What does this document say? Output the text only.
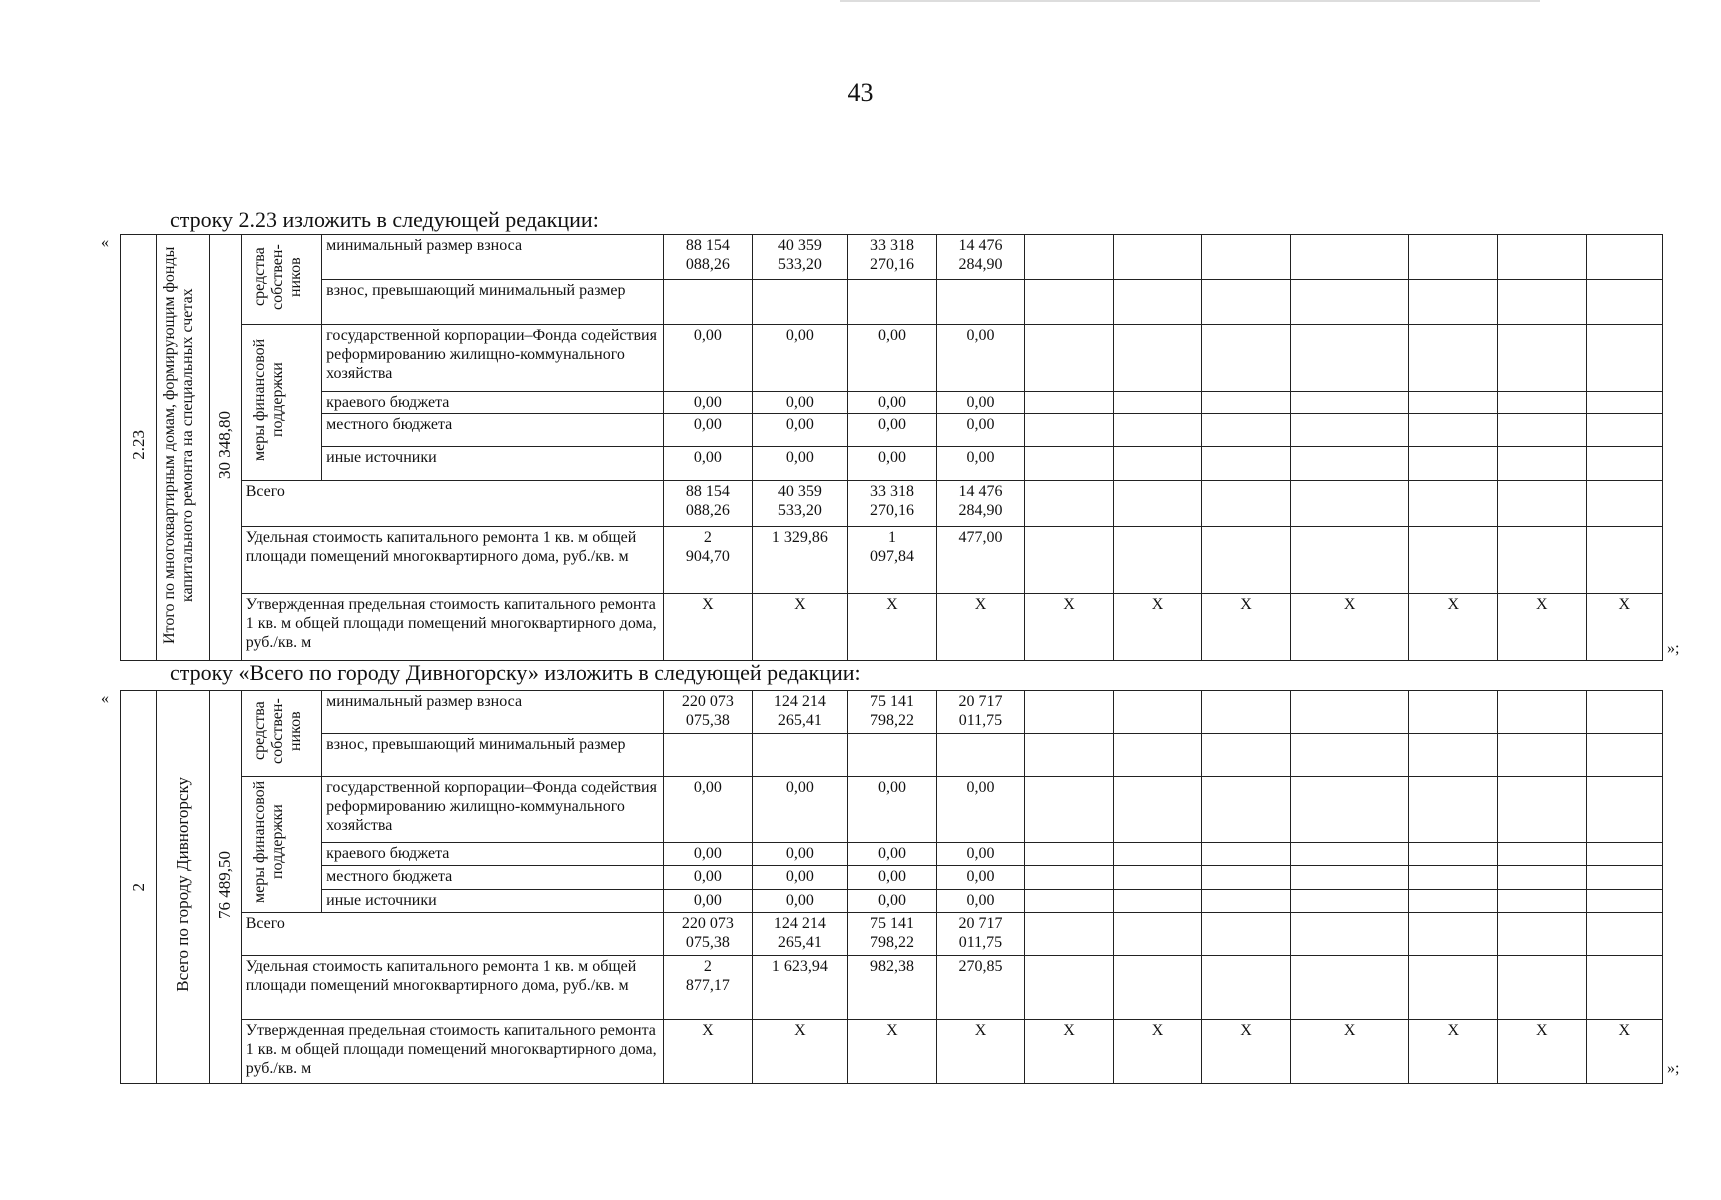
43
строку 2.23 изложить в следующей редакции:
«
2.23	Итого по многоквартирным домам, формирующим фонды капитального ремонта на специальных счетах	30 348,80	средства собствен-ников	минимальный размер взноса	88 154
088,26	40 359
533,20	33 318
270,16	14 476
284,90							
				взнос, превышающий минимальный размер											
			меры финансовой поддержки	государственной корпорации–Фонда содействия реформированию жилищно-коммунального хозяйства	0,00	0,00	0,00	0,00							
				краевого бюджета	0,00	0,00	0,00	0,00							
				местного бюджета	0,00	0,00	0,00	0,00							
				иные источники	0,00	0,00	0,00	0,00							
			Всего		88 154
088,26	40 359
533,20	33 318
270,16	14 476
284,90							
			Удельная стоимость капитального ремонта 1 кв. м общей площади помещений многоквартирного дома, руб./кв. м		2
904,70	1 329,86	1
097,84	477,00							
			Утвержденная предельная стоимость капитального ремонта 1 кв. м общей площади помещений многоквартирного дома, руб./кв. м		X	X	X	X	X	X	X	X	X	X	X
»;
строку «Всего по городу Дивногорску» изложить в следующей редакции:
«
2	Всего по городу Дивногорску	76 489,50	средства собствен-ников	минимальный размер взноса	220 073
075,38	124 214
265,41	75 141
798,22	20 717
011,75							
				взнос, превышающий минимальный размер											
			меры финансовой поддержки	государственной корпорации–Фонда содействия реформированию жилищно-коммунального хозяйства	0,00	0,00	0,00	0,00							
				краевого бюджета	0,00	0,00	0,00	0,00							
				местного бюджета	0,00	0,00	0,00	0,00							
				иные источники	0,00	0,00	0,00	0,00							
			Всего		220 073
075,38	124 214
265,41	75 141
798,22	20 717
011,75							
			Удельная стоимость капитального ремонта 1 кв. м общей площади помещений многоквартирного дома, руб./кв. м		2
877,17	1 623,94	982,38	270,85							
			Утвержденная предельная стоимость капитального ремонта 1 кв. м общей площади помещений многоквартирного дома, руб./кв. м		X	X	X	X	X	X	X	X	X	X	X
»;
